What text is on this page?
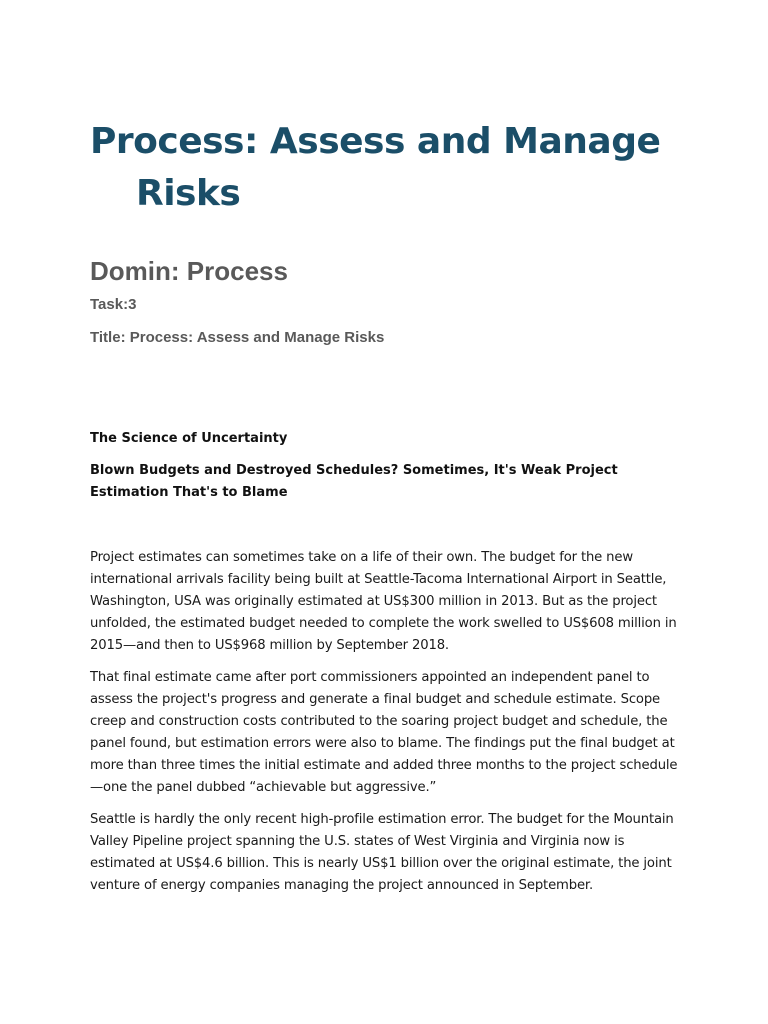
Process: Assess and Manage
Risks
Domin: Process

Task:3

Title: Process: Assess and Manage Risks

The Science of Uncertainty
Blown Budgets and Destroyed Schedules? Sometimes, It's Weak Project Estimation That's to Blame

Project estimates can sometimes take on a life of their own. The budget for the new international arrivals facility being built at Seattle-Tacoma International Airport in Seattle, Washington, USA was originally estimated at US$300 million in 2013. But as the project unfolded, the estimated budget needed to complete the work swelled to US$608 million in 2015—and then to US$968 million by September 2018.

That final estimate came after port commissioners appointed an independent panel to assess the project's progress and generate a final budget and schedule estimate. Scope creep and construction costs contributed to the soaring project budget and schedule, the panel found, but estimation errors were also to blame. The findings put the final budget at more than three times the initial estimate and added three months to the project schedule—one the panel dubbed “achievable but aggressive.”

Seattle is hardly the only recent high-profile estimation error. The budget for the Mountain Valley Pipeline project spanning the U.S. states of West Virginia and Virginia now is estimated at US$4.6 billion. This is nearly US$1 billion over the original estimate, the joint venture of energy companies managing the project announced in September.
